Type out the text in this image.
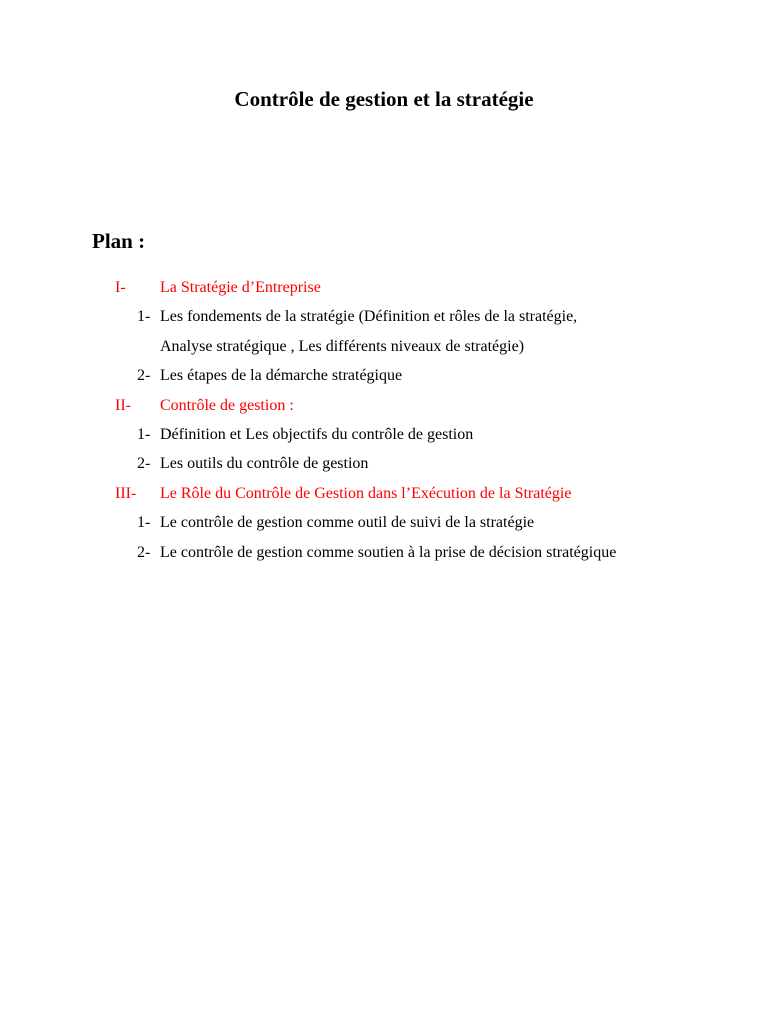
Contrôle de gestion et la stratégie
Plan :
I- La Stratégie d’Entreprise
1- Les fondements de la stratégie (Définition et rôles de la stratégie,
Analyse stratégique , Les différents niveaux de stratégie)
2- Les étapes de la démarche stratégique
II- Contrôle de gestion :
1- Définition et Les objectifs du contrôle de gestion
2- Les outils du contrôle de gestion
III- Le Rôle du Contrôle de Gestion dans l’Exécution de la Stratégie
1- Le contrôle de gestion comme outil de suivi de la stratégie
2- Le contrôle de gestion comme soutien à la prise de décision stratégique
